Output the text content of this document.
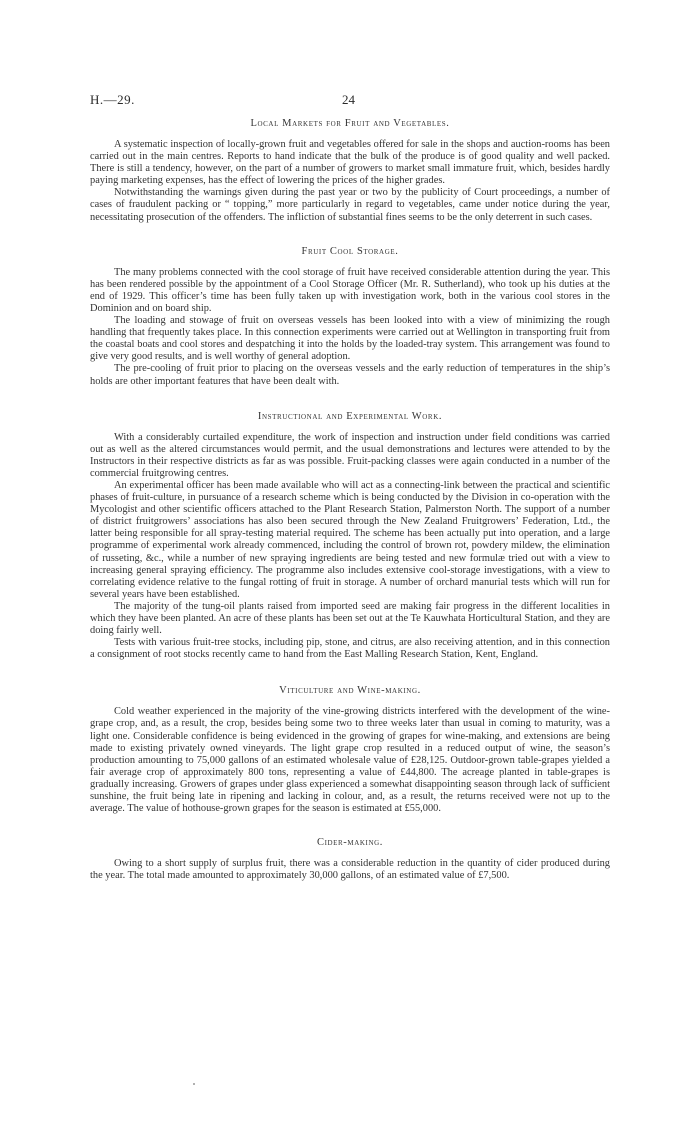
H.—29.	24
Local Markets for Fruit and Vegetables.

A systematic inspection of locally-grown fruit and vegetables offered for sale in the shops and auction-rooms has been carried out in the main centres. Reports to hand indicate that the bulk of the produce is of good quality and well packed. There is still a tendency, however, on the part of a number of growers to market small immature fruit, which, besides hardly paying marketing expenses, has the effect of lowering the prices of the higher grades.

Notwithstanding the warnings given during the past year or two by the publicity of Court proceedings, a number of cases of fraudulent packing or “ topping,” more particularly in regard to vegetables, came under notice during the year, necessitating prosecution of the offenders. The infliction of substantial fines seems to be the only deterrent in such cases.

Fruit Cool Storage.

The many problems connected with the cool storage of fruit have received considerable attention during the year. This has been rendered possible by the appointment of a Cool Storage Officer (Mr. R. Sutherland), who took up his duties at the end of 1929. This officer’s time has been fully taken up with investigation work, both in the various cool stores in the Dominion and on board ship.

The loading and stowage of fruit on overseas vessels has been looked into with a view of minimizing the rough handling that frequently takes place. In this connection experiments were carried out at Wellington in transporting fruit from the coastal boats and cool stores and despatching it into the holds by the loaded-tray system. This arrangement was found to give very good results, and is well worthy of general adoption.

The pre-cooling of fruit prior to placing on the overseas vessels and the early reduction of temperatures in the ship’s holds are other important features that have been dealt with.

Instructional and Experimental Work.

With a considerably curtailed expenditure, the work of inspection and instruction under field conditions was carried out as well as the altered circumstances would permit, and the usual demonstrations and lectures were attended to by the Instructors in their respective districts as far as was possible. Fruit-packing classes were again conducted in a number of the commercial fruitgrowing centres.

An experimental officer has been made available who will act as a connecting-link between the practical and scientific phases of fruit-culture, in pursuance of a research scheme which is being conducted by the Division in co-operation with the Mycologist and other scientific officers attached to the Plant Research Station, Palmerston North. The support of a number of district fruitgrowers’ associations has also been secured through the New Zealand Fruitgrowers’ Federation, Ltd., the latter being responsible for all spray-testing material required. The scheme has been actually put into operation, and a large programme of experimental work already commenced, including the control of brown rot, powdery mildew, the elimination of russeting, &c., while a number of new spraying ingredients are being tested and new formulæ tried out with a view to increasing general spraying efficiency. The programme also includes extensive cool-storage investigations, with a view to correlating evidence relative to the fungal rotting of fruit in storage. A number of orchard manurial tests which will run for several years have been established.

The majority of the tung-oil plants raised from imported seed are making fair progress in the different localities in which they have been planted. An acre of these plants has been set out at the Te Kauwhata Horticultural Station, and they are doing fairly well.

Tests with various fruit-tree stocks, including pip, stone, and citrus, are also receiving attention, and in this connection a consignment of root stocks recently came to hand from the East Malling Research Station, Kent, England.

Viticulture and Wine-making.

Cold weather experienced in the majority of the vine-growing districts interfered with the development of the wine-grape crop, and, as a result, the crop, besides being some two to three weeks later than usual in coming to maturity, was a light one. Considerable confidence is being evidenced in the growing of grapes for wine-making, and extensions are being made to existing privately owned vineyards. The light grape crop resulted in a reduced output of wine, the season’s production amounting to 75,000 gallons of an estimated wholesale value of £28,125. Outdoor-grown table-grapes yielded a fair average crop of approximately 800 tons, representing a value of £44,800. The acreage planted in table-grapes is gradually increasing. Growers of grapes under glass experienced a somewhat disappointing season through lack of sufficient sunshine, the fruit being late in ripening and lacking in colour, and, as a result, the returns received were not up to the average. The value of hothouse-grown grapes for the season is estimated at £55,000.

Cider-making.

Owing to a short supply of surplus fruit, there was a considerable reduction in the quantity of cider produced during the year. The total made amounted to approximately 30,000 gallons, of an estimated value of £7,500.
